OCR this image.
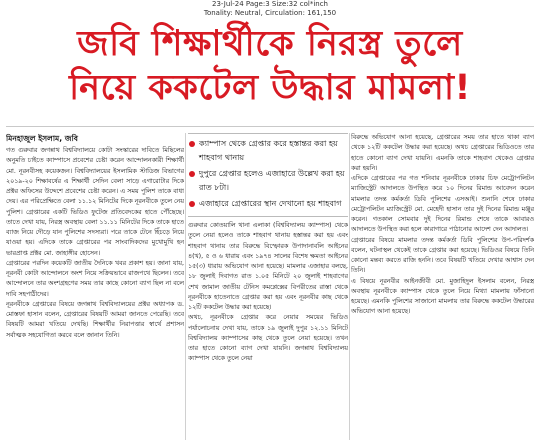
23-Jul-24 Page:3 Size:32 col*inch
Tonality: Neutral, Circulation: 161,150
জবি শিক্ষার্থীকে নিরস্ত্র তুলে
নিয়ে ককটেল উদ্ধার মামলা!

মিনহাজুল ইসলাম, জবি

গত গুরুবার জগন্নাথ বিশ্ববিদ্যালয়ে কোটা সংস্কারের দাবিতে মিছিলের অনুমতি চাইতে ক্যাম্পাসে প্রবেশের চেষ্টা করেন আন্দোলনকারী শিক্ষার্থী মো. নূরনবীসহ কয়েকজন। বিশ্ববিদ্যালয়ের ইসলামিক স্টাডিজ বিভাগের ২০১৯-২০ শিক্ষাবর্ষের এ শিক্ষার্থী সেদিন বেলা সাড়ে এগারোটার দিকে প্রক্টর অফিসের উদ্দেশে প্রবেশের চেষ্টা করেন। এ সময় পুলিশ তাকে বাধা দেয়। এর পরিপ্রেক্ষিতে বেলা ১১.১২ মিনিটের দিকে নূরনবীকে তুলে নেয় পুলিশ। গ্রেপ্তারের একটি ভিডিও ফুটেজ প্রতিবেদকের হাতে পৌঁছেছে। তাতে দেখা যায়, নিরস্ত্র অবস্থায় বেলা ১১.১১ মিনিটের দিকে তাকে হাতে ব্যাজ নিয়ে দৌড়ে যান পুলিশের সদস্যরা। পরে তাকে টেনে হিঁচড়ে নিয়ে যাওয়া হয়। এদিকে তাকে গ্রেপ্তারের পর সাংবাদিকদের মুখোমুখি হন ভারপ্রাপ্ত প্রক্টর মো. জাহাঙ্গীর হোসেন।

গ্রেপ্তারের পরদিন কয়েকটি জাতীয় দৈনিকে খবর প্রকাশ হয়। জানা যায়, নূরনবী কোটা আন্দোলনে অংশ নিয়ে সক্রিয়ভাবে রাজপথে ছিলেন। তবে আন্দোলনে তার অংশগ্রহণের সময় তার কাছে কোনো ব্যাগ ছিল না বলে দাবি সহপাঠীদের।

নূরনবীকে গ্রেপ্তারের বিষয়ে জগন্নাথ বিশ্ববিদ্যালয়ের প্রক্টর অধ্যাপক ড. মোস্তফা হাসান বলেন, গ্রেপ্তারের বিষয়টি আমরা জানতে পেরেছি। তবে বিষয়টি আমরা খতিয়ে দেখছি। শিক্ষার্থীর নিরাপত্তার স্বার্থে প্রশাসন সর্বাত্মক সহযোগিতা করবে বলে জানান তিনি।

ক্যাম্পাস থেকে গ্রেপ্তার করে হস্তান্তর করা হয় শাহবাগ থানায়
দুপুরে গ্রেপ্তার হলেও এজাহারে উল্লেখ করা হয় রাত ৮টা।
এজাহারে গ্রেপ্তারের স্থান দেখানো হয় শাহবাগ

গুরুবার কোতয়ালি থানা এলাকা (বিশ্ববিদ্যালয় ক্যাম্পাস) থেকে তুলে নেয়া হলেও তাকে শাহবাগ থানায় হস্তান্তর করা হয় এবং শাহবাগ থানায় তার বিরুদ্ধে বিস্ফোরক উপাদানাবলি আইনের ৪(খ), ৫ ও ৬ ধারায় এবং ১৯৭৪ সালের বিশেষ ক্ষমতা আইনের ১৫(৩) ধারায় অভিযোগ আনা হয়েছে। মামলার এজাহার বলছে, ১৮ জুলাই দিবাগত রাত ১.০৫ মিনিটে ২০ জুলাই শাহবাগের শেখ জামাল জাতীয় টেনিস কমপ্লেক্সের বিপরীতের রাস্তা থেকে নূরনবীকে হাতেনাতে গ্রেপ্তার করা হয় এবং নূরনবীর কাছ থেকে ১২টি ককটেল উদ্ধার করা হয়েছে।

অথচ, নূরনবীকে গ্রেপ্তার করে নেয়ার সময়ের ভিডিও পর্যালোচনায় দেখা যায়, তাকে ১৯ জুলাই দুপুর ১২.১১ মিনিটে বিশ্ববিদ্যালয় ক্যাম্পাসের কাছ থেকে তুলে নেয়া হয়েছে। তখন তার হাতে কোনো ব্যাগ দেখা যায়নি। জগন্নাথ বিশ্ববিদ্যালয় ক্যাম্পাস থেকে তুলে নেয়া

বিরুদ্ধে অভিযোগ আনা হয়েছে, গ্রেপ্তারের সময় তার হাতে থাকা ব্যাগ থেকে ১২টি ককটেল উদ্ধার করা হয়েছে। অথচ গ্রেপ্তারের ভিডিওতে তার হাতে কোনো ব্যাগ দেখা যায়নি। এমনকি তাকে শাহবাগ থেকেও গ্রেপ্তার করা হয়নি।

এদিকে গ্রেপ্তারের পর গত শনিবার নূরনবীকে ঢাকার চিফ মেট্রোপলিটন ম্যাজিস্ট্রেট আদালতে উপস্থিত করে ১০ দিনের রিমান্ড আবেদন করেন মামলার তদন্ত কর্মকর্তা ডিবি পুলিশের এসআই। শুনানি শেষে ঢাকার মেট্রোপলিটন ম্যাজিস্ট্রেট মো. মেহেদী হাসান তার দুই দিনের রিমান্ড মঞ্জুর করেন। গতকাল সোমবার দুই দিনের রিমান্ড শেষে তাকে আবারও আদালতে উপস্থিত করা হলে কারাগারে পাঠানোর আদেশ দেন আদালত।

গ্রেপ্তারের বিষয়ে মামলার তদন্ত কর্মকর্তা ডিবি পুলিশের উপ-পরিদর্শক বলেন, ঘটনাস্থল থেকেই তাকে গ্রেপ্তার করা হয়েছে। ভিডিওর বিষয়ে তিনি কোনো মন্তব্য করতে রাজি হননি। তবে বিষয়টি খতিয়ে দেখার আশ্বাস দেন তিনি।

এ বিষয়ে নূরনবীর আইনজীবী মো. মুজাহিদুল ইসলাম বলেন, নিরস্ত্র অবস্থায় নূরনবীকে ক্যাম্পাস থেকে তুলে নিয়ে মিথ্যা মামলায় ফাঁসানো হয়েছে। এমনকি পুলিশের সাজানো মামলায় তার বিরুদ্ধে ককটেল উদ্ধারের অভিযোগ আনা হয়েছে।
